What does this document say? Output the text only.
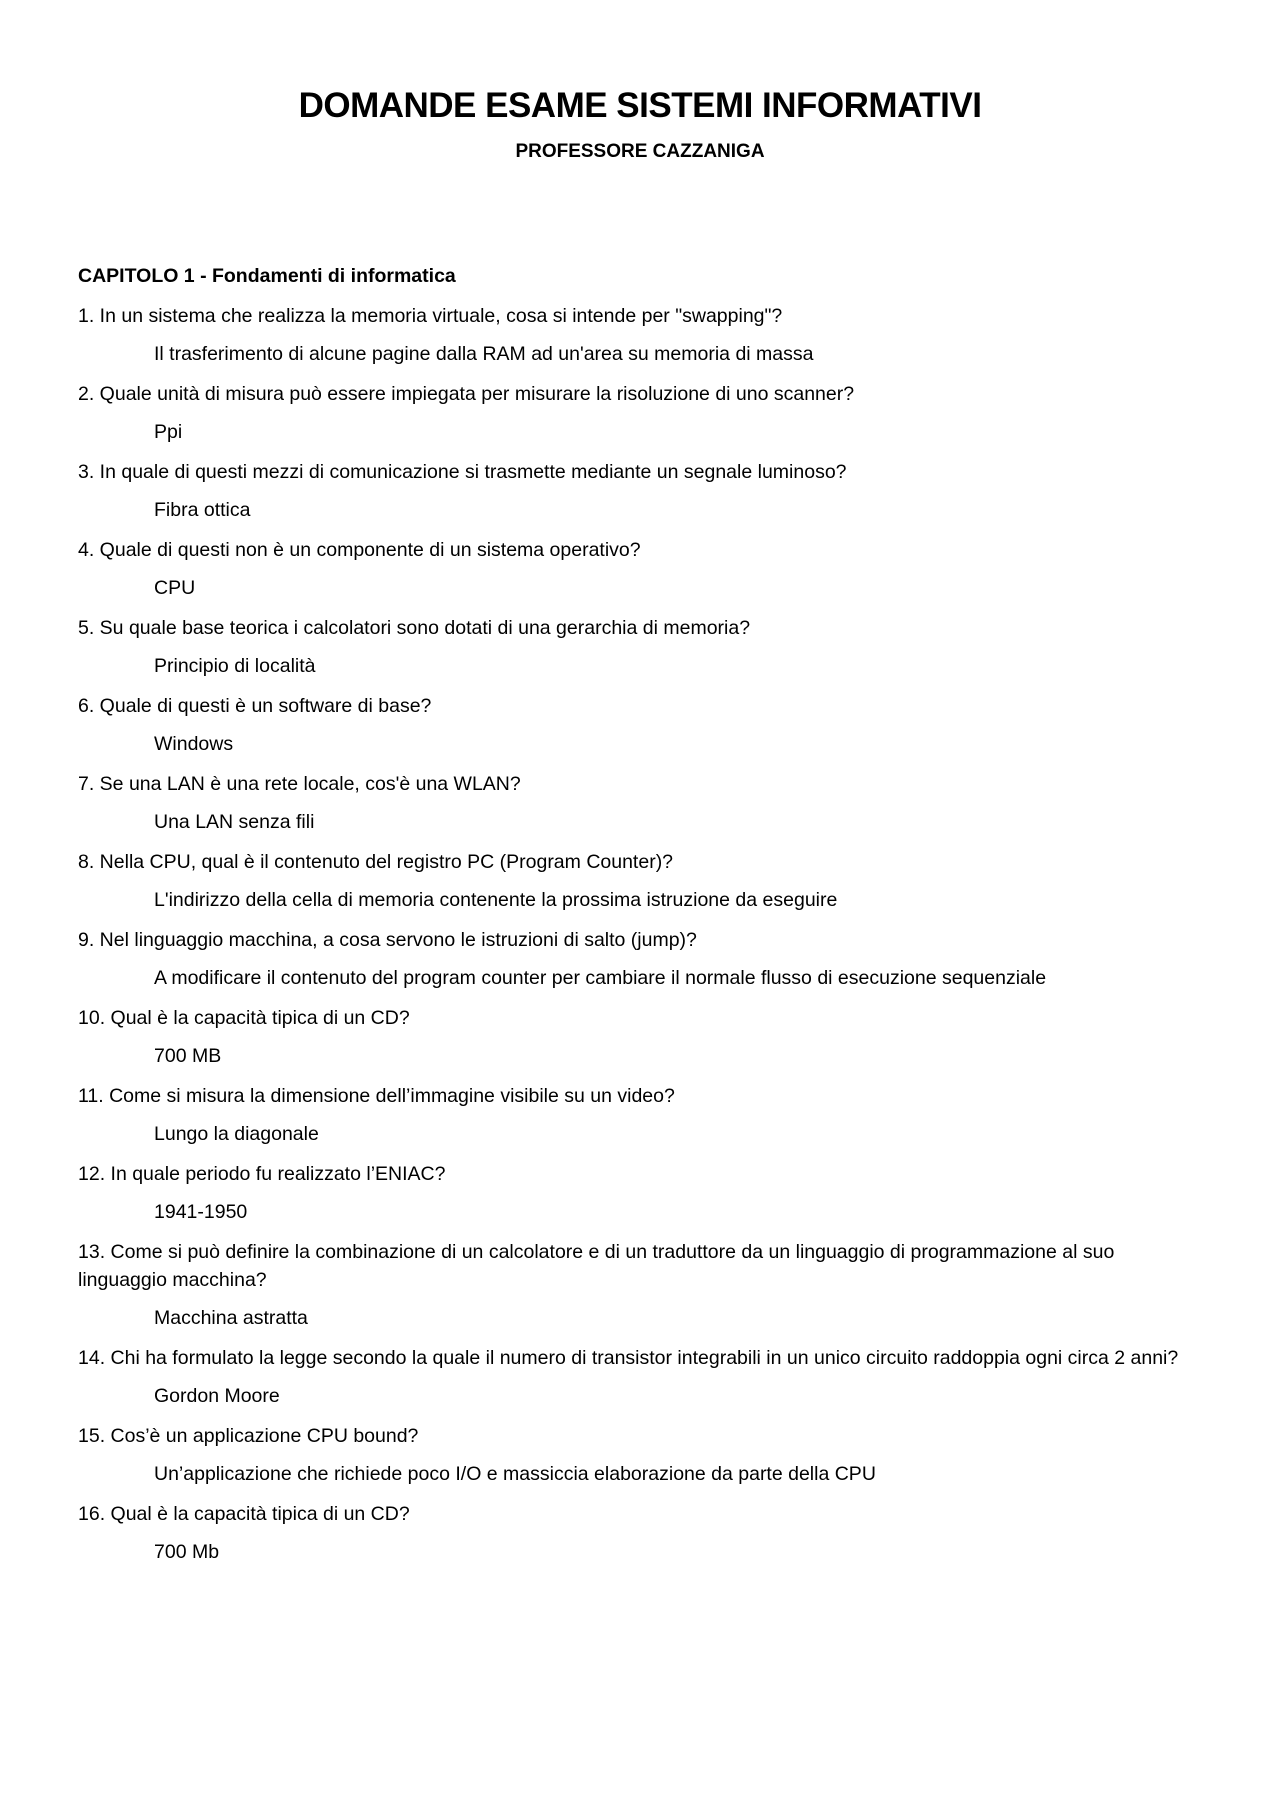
DOMANDE ESAME SISTEMI INFORMATIVI
PROFESSORE CAZZANIGA
CAPITOLO 1 - Fondamenti di informatica
1. In un sistema che realizza la memoria virtuale, cosa si intende per "swapping"?
Il trasferimento di alcune pagine dalla RAM ad un'area su memoria di massa
2. Quale unità di misura può essere impiegata per misurare la risoluzione di uno scanner?
Ppi
3. In quale di questi mezzi di comunicazione si trasmette mediante un segnale luminoso?
Fibra ottica
4. Quale di questi non è un componente di un sistema operativo?
CPU
5. Su quale base teorica i calcolatori sono dotati di una gerarchia di memoria?
Principio di località
6. Quale di questi è un software di base?
Windows
7. Se una LAN è una rete locale, cos'è una WLAN?
Una LAN senza fili
8. Nella CPU, qual è il contenuto del registro PC (Program Counter)?
L'indirizzo della cella di memoria contenente la prossima istruzione da eseguire
9. Nel linguaggio macchina, a cosa servono le istruzioni di salto (jump)?
A modificare il contenuto del program counter per cambiare il normale flusso di esecuzione sequenziale
10. Qual è la capacità tipica di un CD?
700 MB
11. Come si misura la dimensione dell’immagine visibile su un video?
Lungo la diagonale
12. In quale periodo fu realizzato l’ENIAC?
1941-1950
13. Come si può definire la combinazione di un calcolatore e di un traduttore da un linguaggio di programmazione al suo linguaggio macchina?
Macchina astratta
14. Chi ha formulato la legge secondo la quale il numero di transistor integrabili in un unico circuito raddoppia ogni circa 2 anni?
Gordon Moore
15. Cos’è un applicazione CPU bound?
Un’applicazione che richiede poco I/O e massiccia elaborazione da parte della CPU
16. Qual è la capacità tipica di un CD?
700 Mb
